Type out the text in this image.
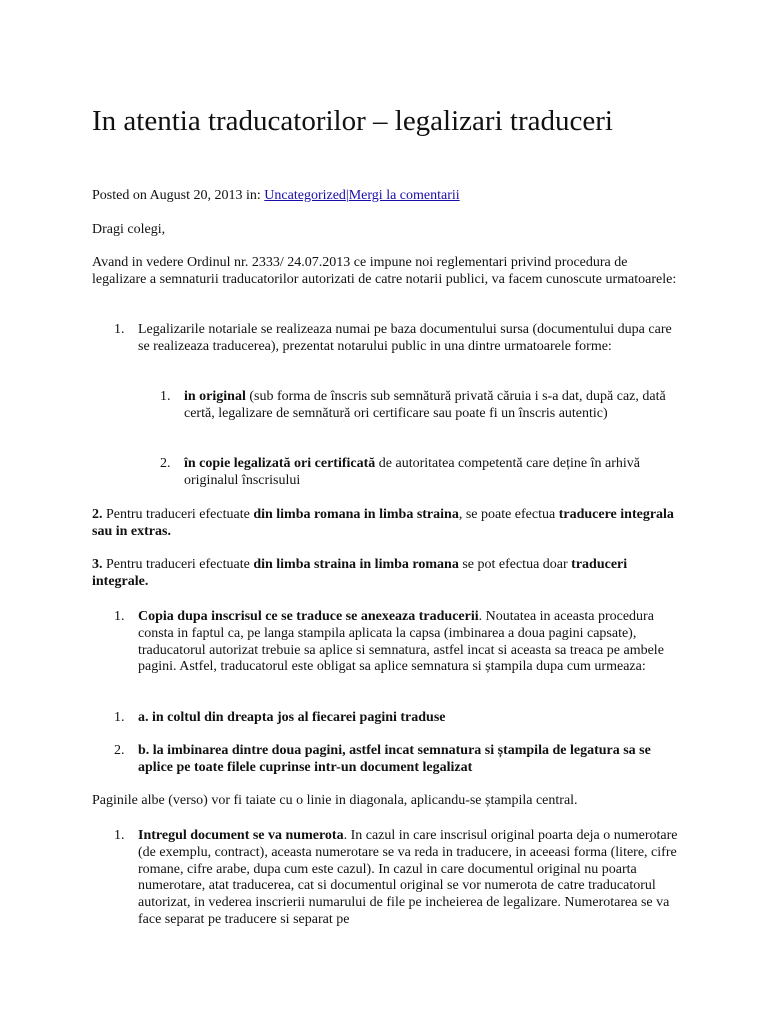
In atentia traducatorilor – legalizari traduceri

Posted on August 20, 2013 in: Uncategorized|Mergi la comentarii

Dragi colegi,

Avand in vedere Ordinul nr. 2333/ 24.07.2013 ce impune noi reglementari privind procedura de legalizare a semnaturii traducatorilor autorizati de catre notarii publici, va facem cunoscute urmatoarele:

1. Legalizarile notariale se realizeaza numai pe baza documentului sursa (documentului dupa care se realizeaza traducerea), prezentat notarului public in una dintre urmatoarele forme:

1. in original (sub forma de înscris sub semnătură privată căruia i s-a dat, după caz, dată certă, legalizare de semnătură ori certificare sau poate fi un înscris autentic)

2. în copie legalizată ori certificată de autoritatea competentă care deține în arhivă originalul înscrisului

2. Pentru traduceri efectuate din limba romana in limba straina, se poate efectua traducere integrala sau in extras.

3. Pentru traduceri efectuate din limba straina in limba romana se pot efectua doar traduceri integrale.

1. Copia dupa inscrisul ce se traduce se anexeaza traducerii. Noutatea in aceasta procedura consta in faptul ca, pe langa stampila aplicata la capsa (imbinarea a doua pagini capsate), traducatorul autorizat trebuie sa aplice si semnatura, astfel incat si aceasta sa treaca pe ambele pagini. Astfel, traducatorul este obligat sa aplice semnatura si ștampila dupa cum urmeaza:

1. a. in coltul din dreapta jos al fiecarei pagini traduse

2. b. la imbinarea dintre doua pagini, astfel incat semnatura si ștampila de legatura sa se aplice pe toate filele cuprinse intr-un document legalizat

Paginile albe (verso) vor fi taiate cu o linie in diagonala, aplicandu-se ștampila central.

1. Intregul document se va numerota. In cazul in care inscrisul original poarta deja o numerotare (de exemplu, contract), aceasta numerotare se va reda in traducere, in aceeasi forma (litere, cifre romane, cifre arabe, dupa cum este cazul). In cazul in care documentul original nu poarta numerotare, atat traducerea, cat si documentul original se vor numerota de catre traducatorul autorizat, in vederea inscrierii numarului de file pe incheierea de legalizare. Numerotarea se va face separat pe traducere si separat pe
